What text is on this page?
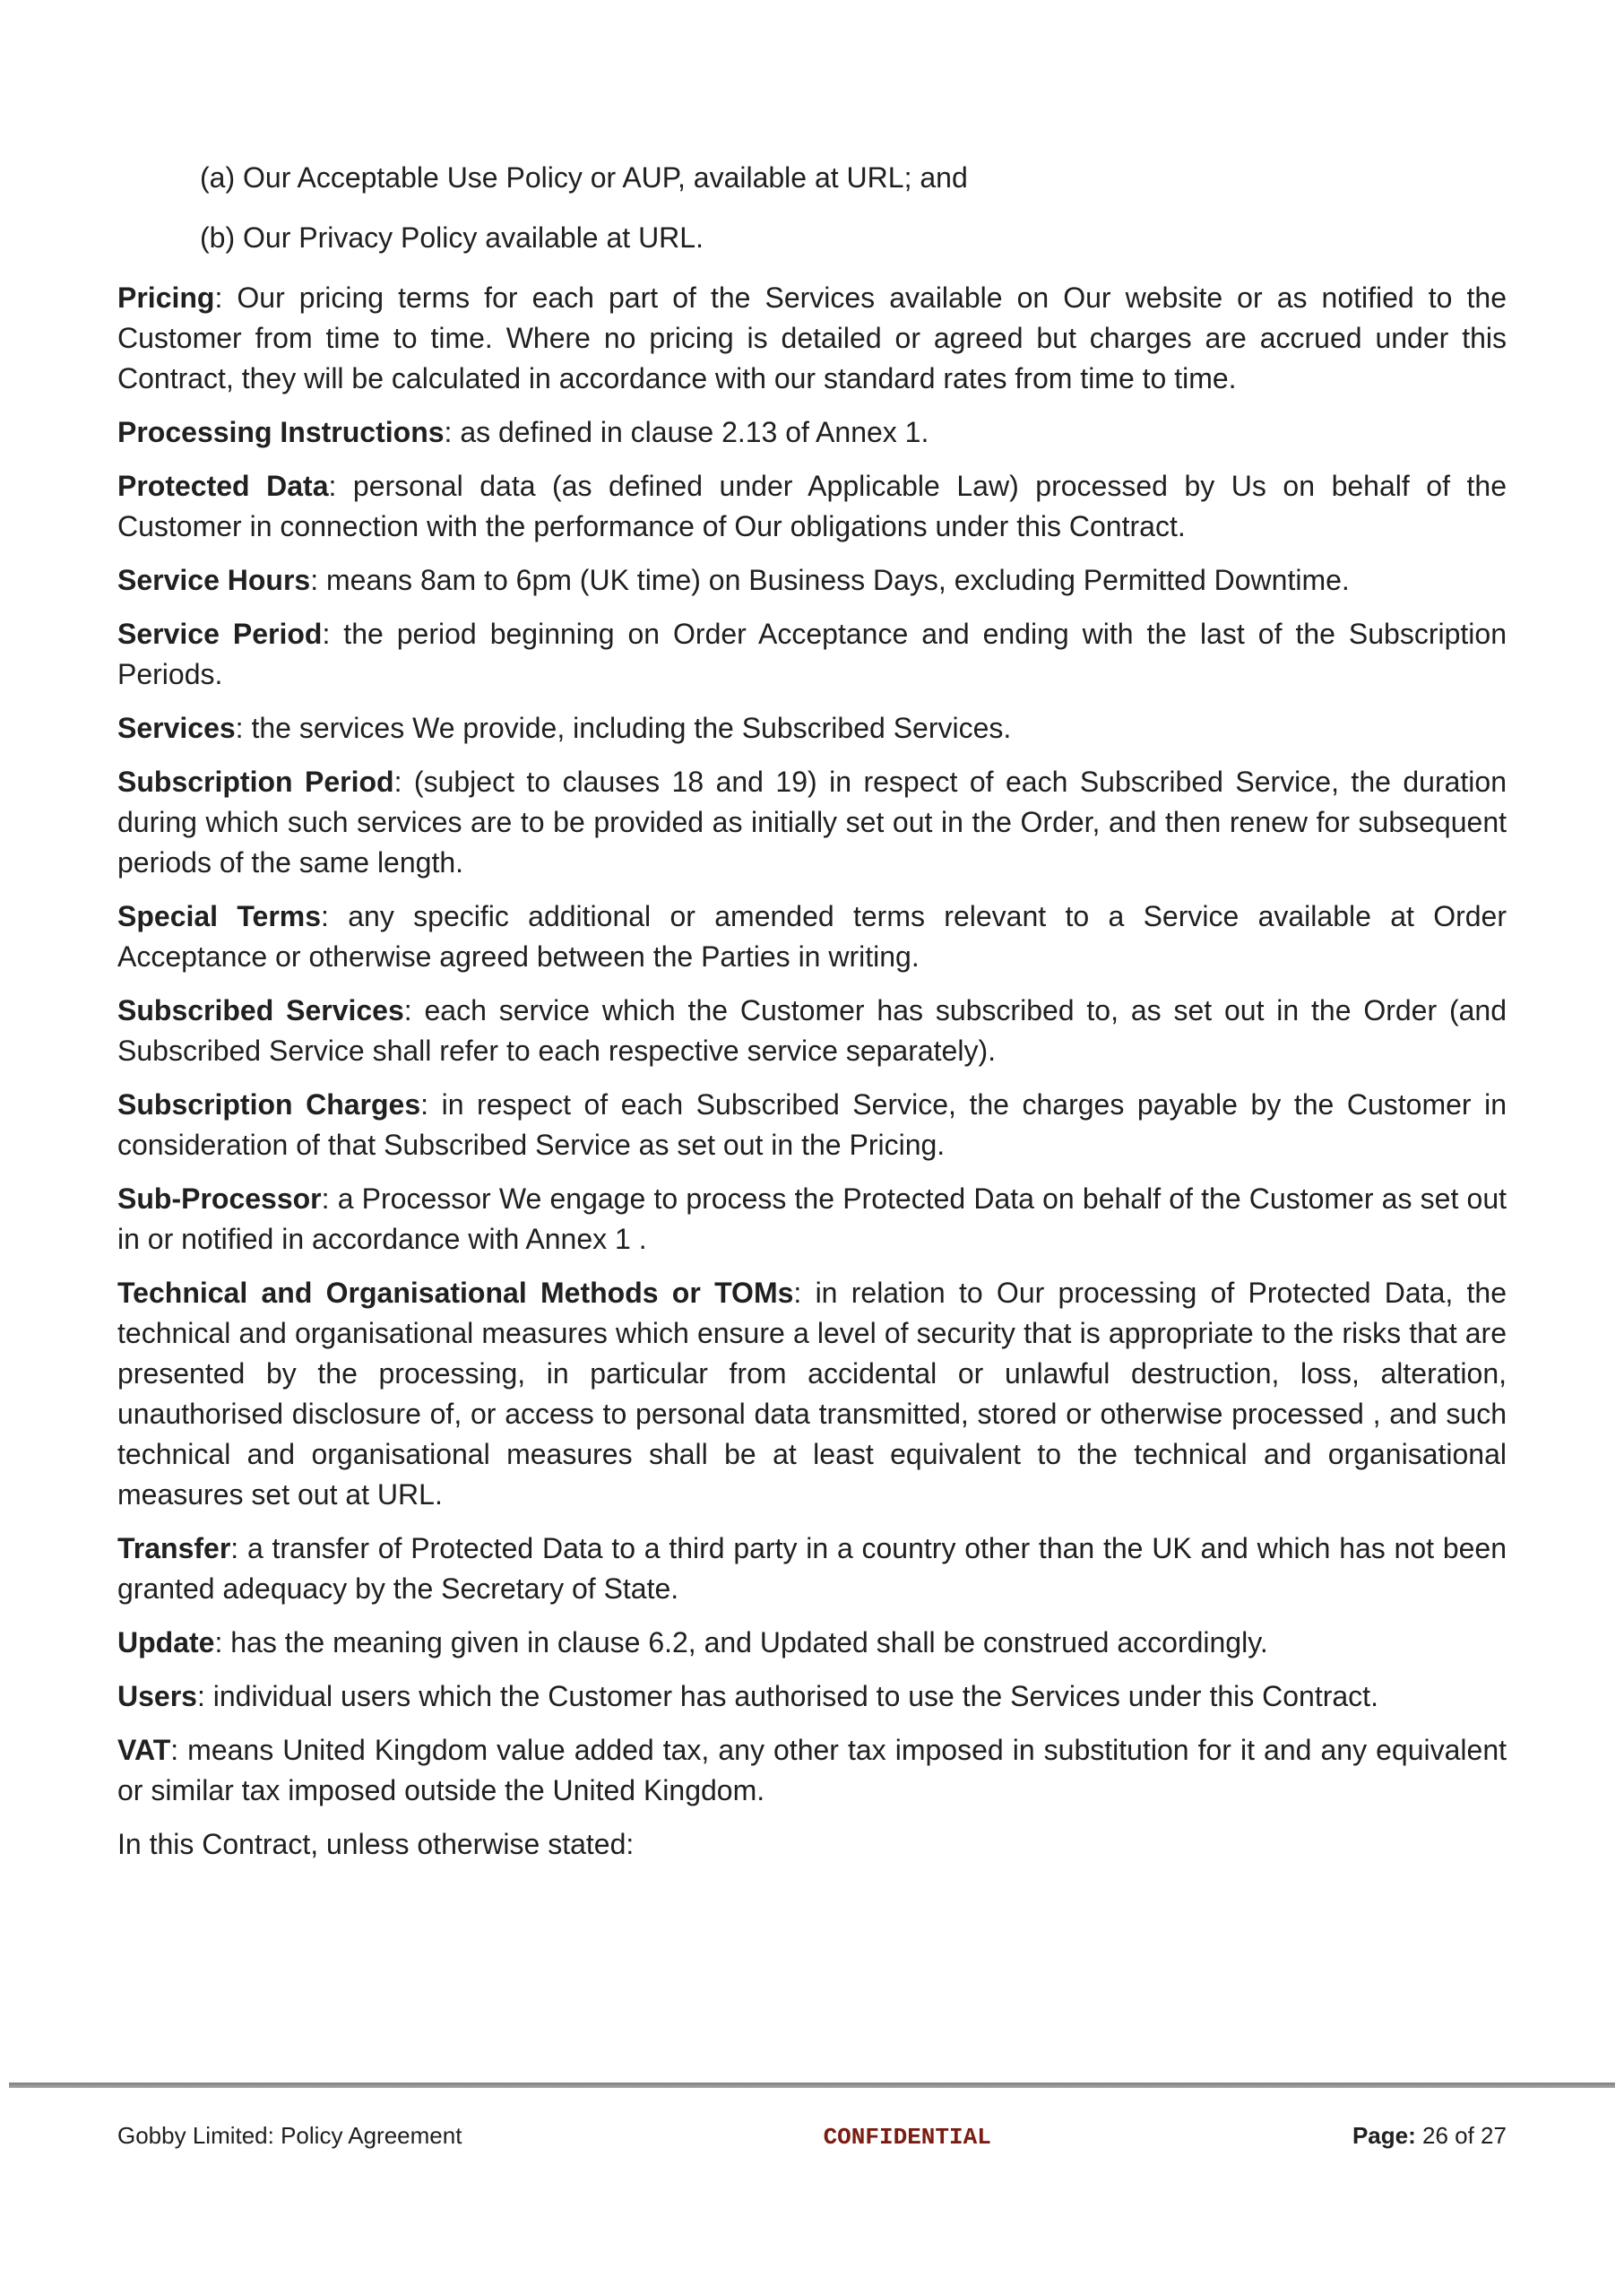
(a) Our Acceptable Use Policy or AUP, available at URL; and

(b) Our Privacy Policy available at URL.

Pricing: Our pricing terms for each part of the Services available on Our website or as notified to the Customer from time to time. Where no pricing is detailed or agreed but charges are accrued under this Contract, they will be calculated in accordance with our standard rates from time to time.

Processing Instructions: as defined in clause 2.13 of Annex 1.

Protected Data: personal data (as defined under Applicable Law) processed by Us on behalf of the Customer in connection with the performance of Our obligations under this Contract.

Service Hours: means 8am to 6pm (UK time) on Business Days, excluding Permitted Downtime.

Service Period: the period beginning on Order Acceptance and ending with the last of the Subscription Periods.

Services: the services We provide, including the Subscribed Services.

Subscription Period: (subject to clauses 18 and 19) in respect of each Subscribed Service, the duration during which such services are to be provided as initially set out in the Order, and then renew for subsequent periods of the same length.

Special Terms: any specific additional or amended terms relevant to a Service available at Order Acceptance or otherwise agreed between the Parties in writing.

Subscribed Services: each service which the Customer has subscribed to, as set out in the Order (and Subscribed Service shall refer to each respective service separately).

Subscription Charges: in respect of each Subscribed Service, the charges payable by the Customer in consideration of that Subscribed Service as set out in the Pricing.

Sub-Processor: a Processor We engage to process the Protected Data on behalf of the Customer as set out in or notified in accordance with Annex 1 .

Technical and Organisational Methods or TOMs: in relation to Our processing of Protected Data, the technical and organisational measures which ensure a level of security that is appropriate to the risks that are presented by the processing, in particular from accidental or unlawful destruction, loss, alteration, unauthorised disclosure of, or access to personal data transmitted, stored or otherwise processed , and such technical and organisational measures shall be at least equivalent to the technical and organisational measures set out at URL.

Transfer: a transfer of Protected Data to a third party in a country other than the UK and which has not been granted adequacy by the Secretary of State.

Update: has the meaning given in clause 6.2, and Updated shall be construed accordingly.

Users: individual users which the Customer has authorised to use the Services under this Contract.

VAT: means United Kingdom value added tax, any other tax imposed in substitution for it and any equivalent or similar tax imposed outside the United Kingdom.

In this Contract, unless otherwise stated:

Gobby Limited: Policy Agreement	CONFIDENTIAL	Page: 26 of 27
